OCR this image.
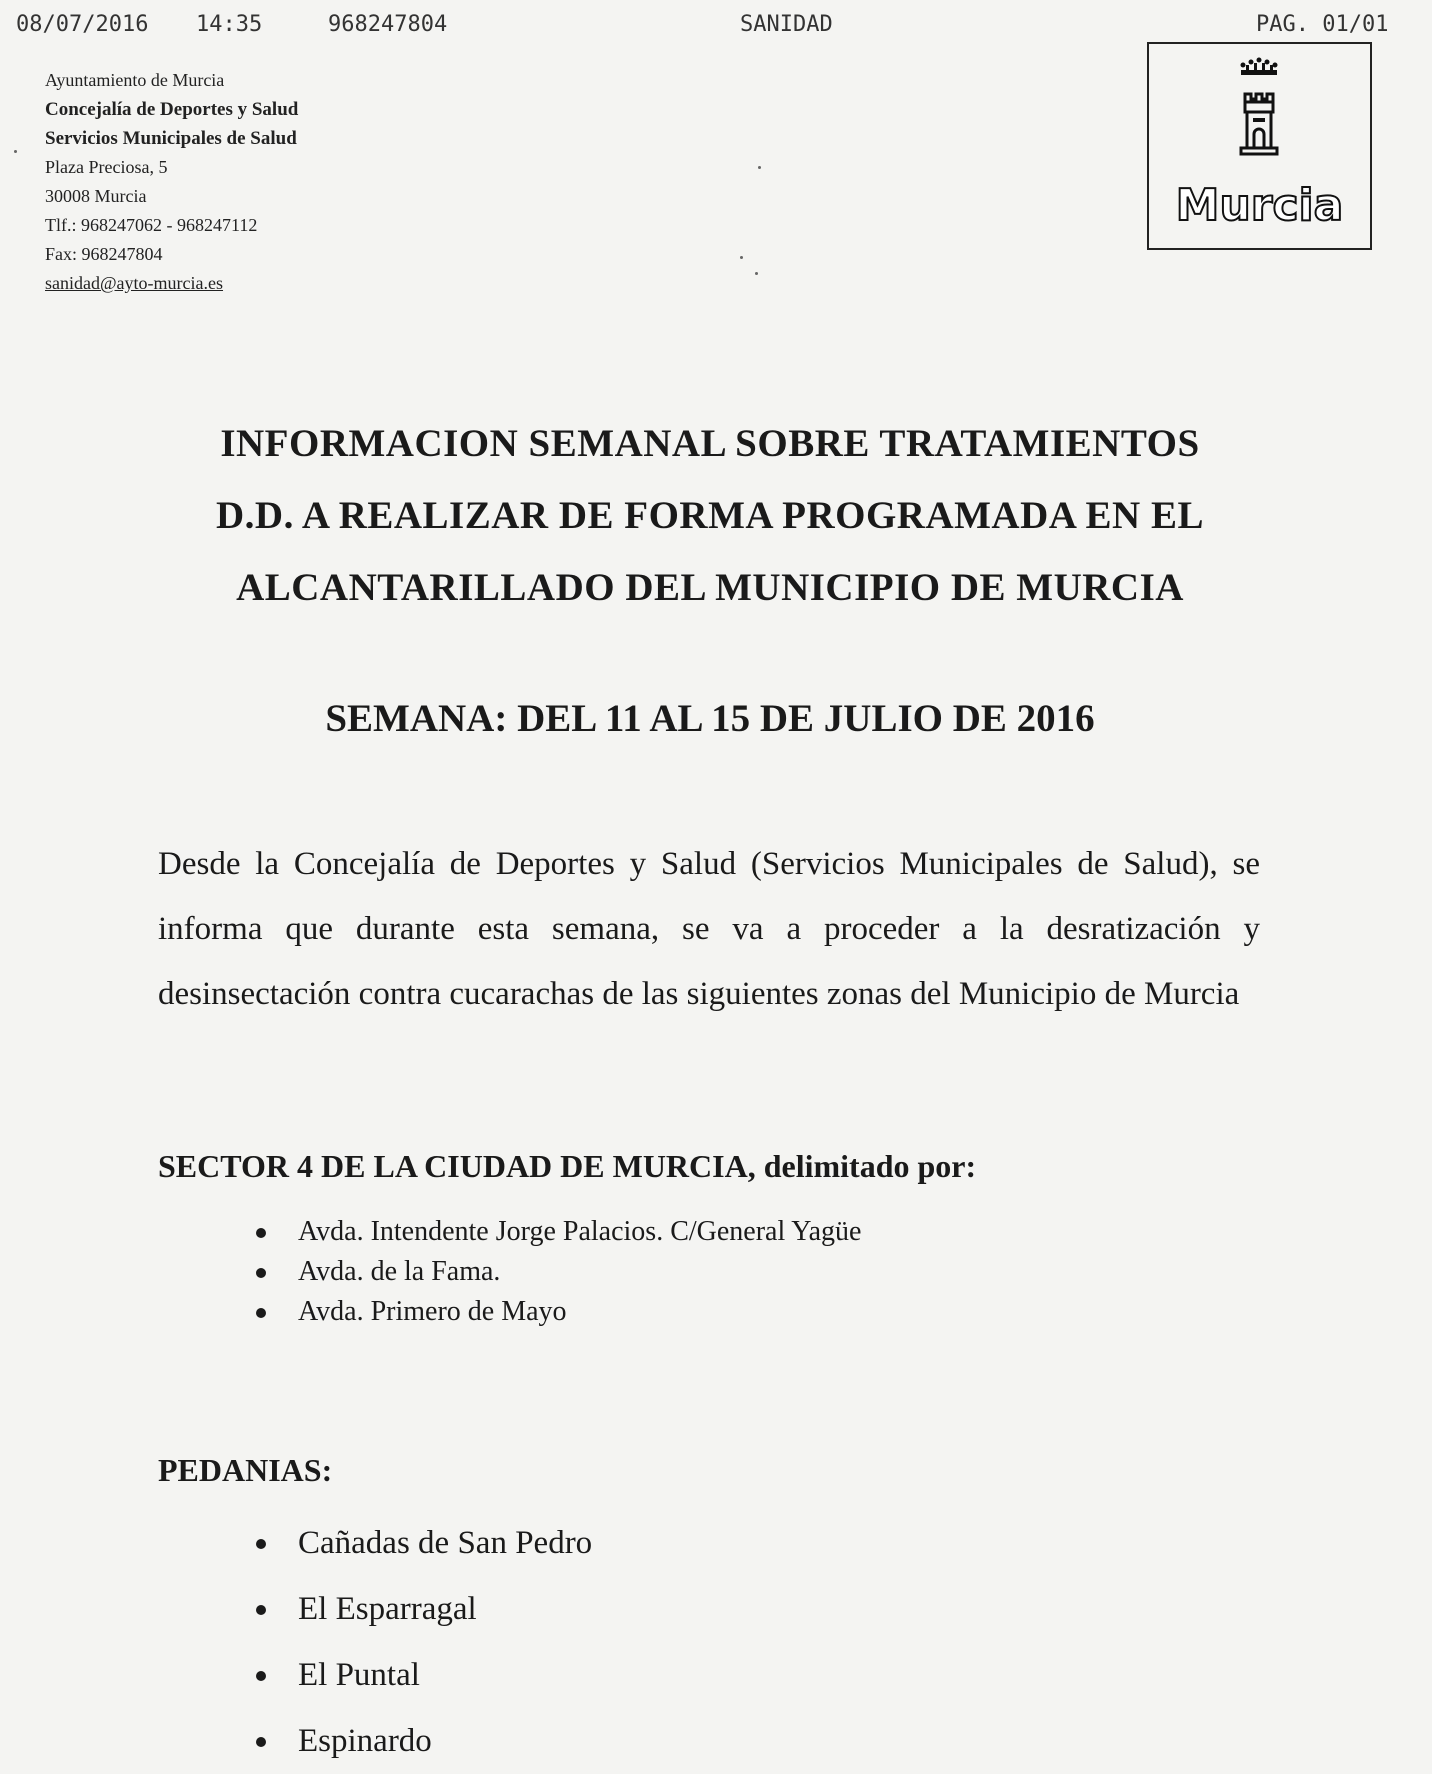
08/07/2016 14:35	968247804	SANIDAD	PAG. 01/01
Ayuntamiento de Murcia
Concejalía de Deportes y Salud
Servicios Municipales de Salud
Plaza Preciosa, 5
30008 Murcia
Tlf.: 968247062 - 968247112
Fax: 968247804
sanidad@ayto-murcia.es
Murcia
INFORMACION SEMANAL SOBRE TRATAMIENTOS
D.D. A REALIZAR DE FORMA PROGRAMADA EN EL
ALCANTARILLADO DEL MUNICIPIO DE MURCIA
SEMANA: DEL 11 AL 15 DE JULIO DE 2016
Desde la Concejalía de Deportes y Salud (Servicios Municipales de Salud), se informa que durante esta semana, se va a proceder a la desratización y desinsectación contra cucarachas de las siguientes zonas del Municipio de Murcia
SECTOR 4 DE LA CIUDAD DE MURCIA, delimitado por:
Avda. Intendente Jorge Palacios. C/General Yagüe
Avda. de la Fama.
Avda. Primero de Mayo
PEDANIAS:
Cañadas de San Pedro
El Esparragal
El Puntal
Espinardo
